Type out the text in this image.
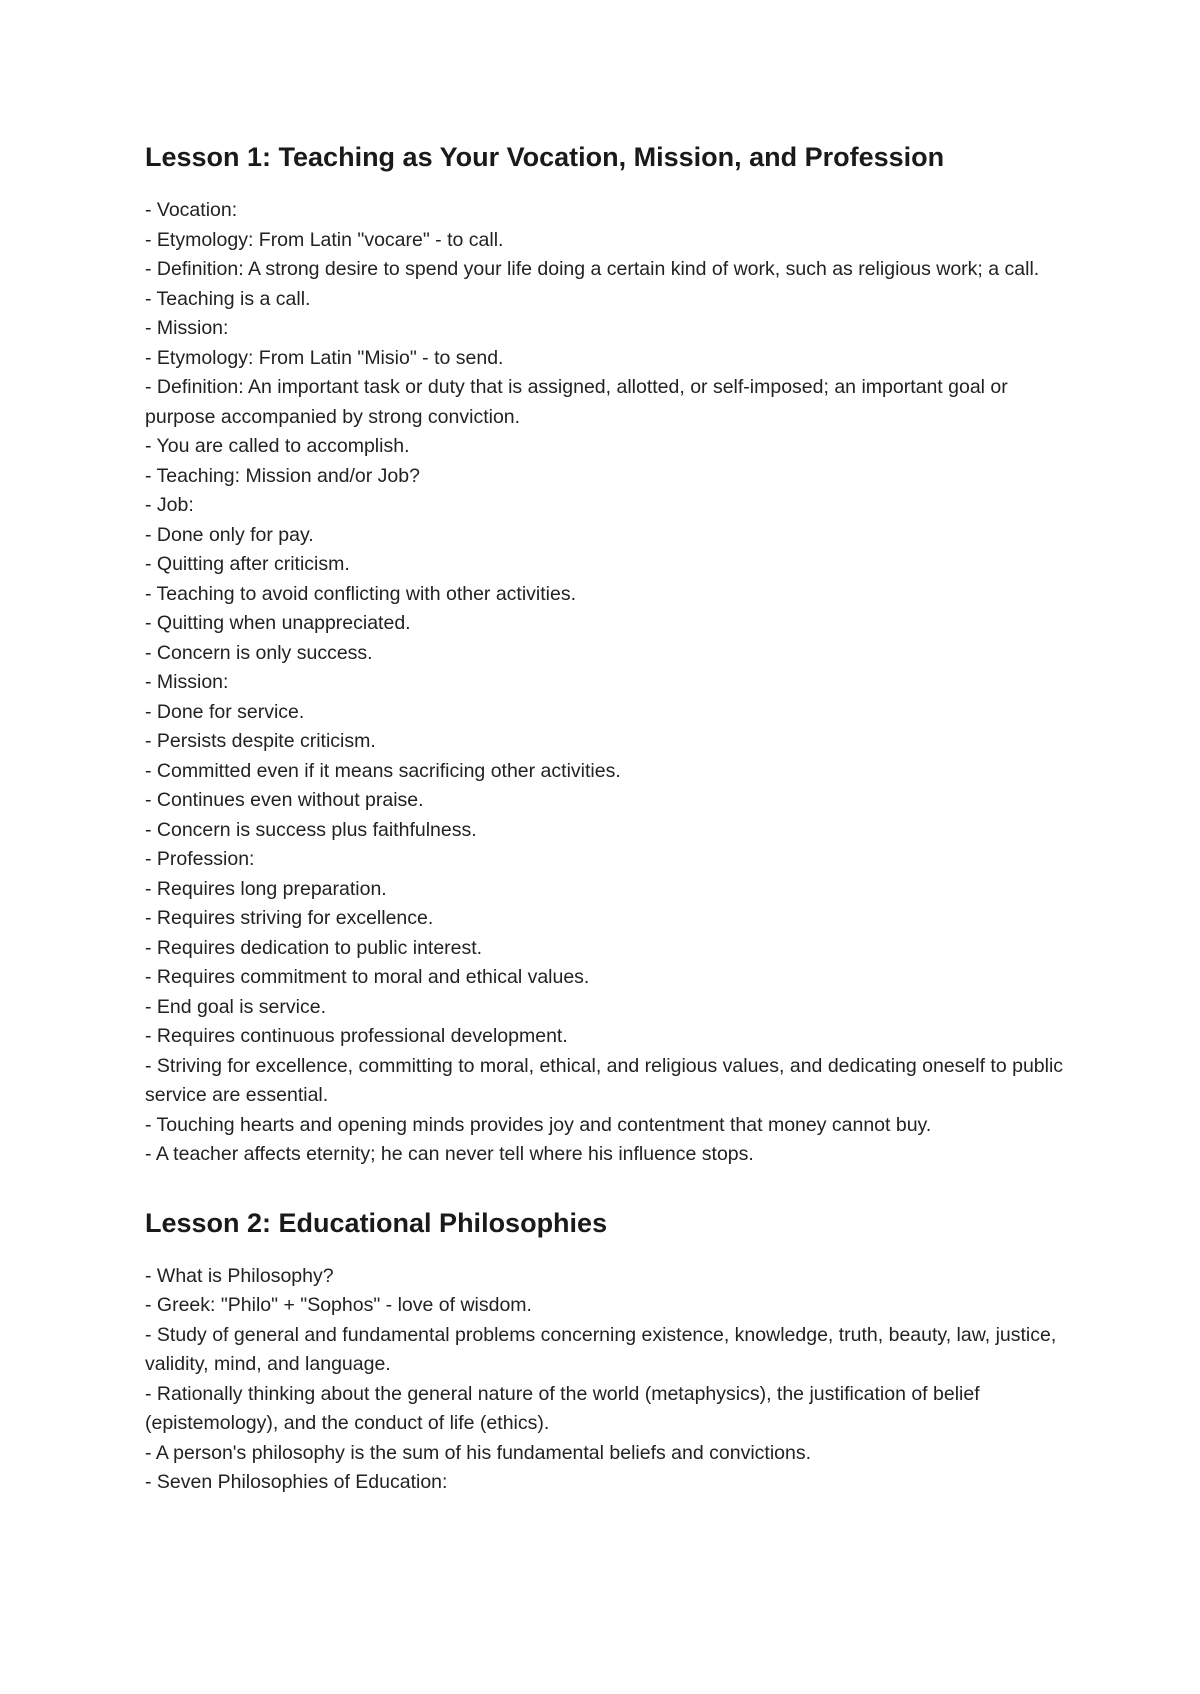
Lesson 1: Teaching as Your Vocation, Mission, and Profession

- Vocation:

- Etymology: From Latin "vocare" - to call.

- Definition: A strong desire to spend your life doing a certain kind of work, such as religious work; a call.

- Teaching is a call.

- Mission:

- Etymology: From Latin "Misio" - to send.

- Definition: An important task or duty that is assigned, allotted, or self-imposed; an important goal or purpose accompanied by strong conviction.

- You are called to accomplish.

- Teaching: Mission and/or Job?

- Job:

- Done only for pay.

- Quitting after criticism.

- Teaching to avoid conflicting with other activities.

- Quitting when unappreciated.

- Concern is only success.

- Mission:

- Done for service.

- Persists despite criticism.

- Committed even if it means sacrificing other activities.

- Continues even without praise.

- Concern is success plus faithfulness.

- Profession:

- Requires long preparation.

- Requires striving for excellence.

- Requires dedication to public interest.

- Requires commitment to moral and ethical values.

- End goal is service.

- Requires continuous professional development.

- Striving for excellence, committing to moral, ethical, and religious values, and dedicating oneself to public service are essential.

- Touching hearts and opening minds provides joy and contentment that money cannot buy.

- A teacher affects eternity; he can never tell where his influence stops.

Lesson 2: Educational Philosophies

- What is Philosophy?

- Greek: "Philo" + "Sophos" - love of wisdom.

- Study of general and fundamental problems concerning existence, knowledge, truth, beauty, law, justice, validity, mind, and language.

- Rationally thinking about the general nature of the world (metaphysics), the justification of belief (epistemology), and the conduct of life (ethics).

- A person's philosophy is the sum of his fundamental beliefs and convictions.

- Seven Philosophies of Education:
